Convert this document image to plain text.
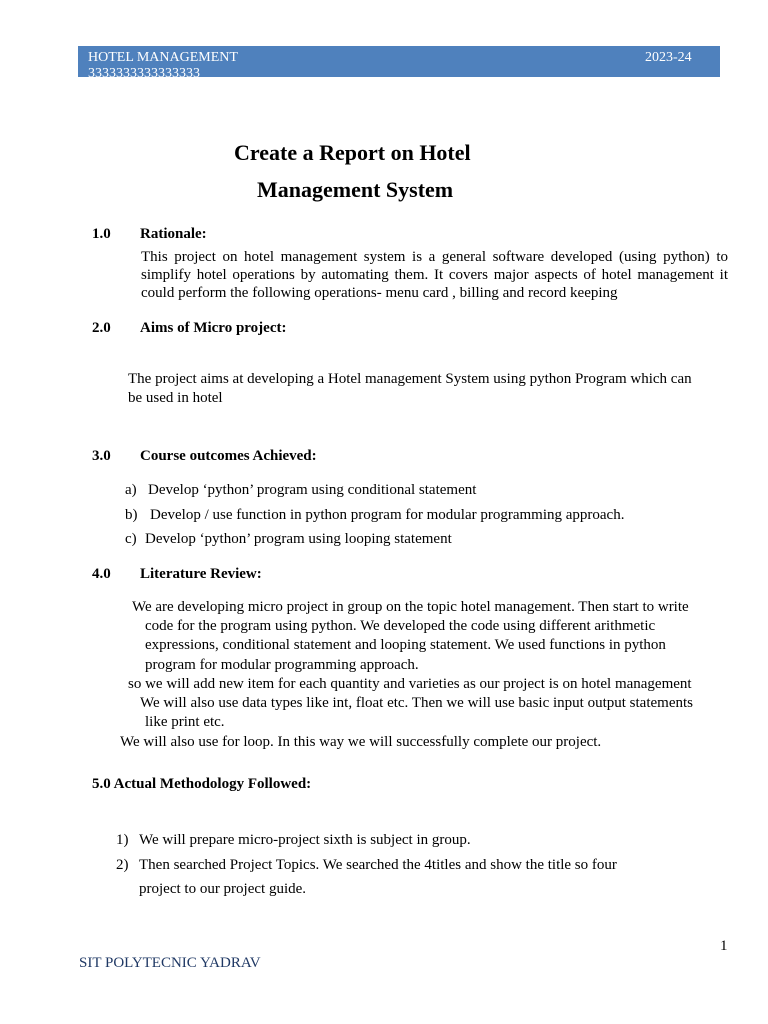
HOTEL MANAGEMENT
3333333333333333
2023-24
Create a Report on Hotel
Management System
1.0 Rationale:
This project on hotel management system is a general software developed (using python) to simplify hotel operations by automating them. It covers major aspects of hotel management it could perform the following operations- menu card , billing and record keeping
2.0 Aims of Micro project:
The project aims at developing a Hotel management System using python Program which can
be used in hotel
3.0 Course outcomes Achieved:
a) Develop ‘python’ program using conditional statement
b) Develop / use function in python program for modular programming approach.
c) Develop ‘python’ program using looping statement
4.0 Literature Review:
We are developing micro project in group on the topic hotel management. Then start to write
code for the program using python. We developed the code using different arithmetic
expressions, conditional statement and looping statement. We used functions in python
program for modular programming approach.
so we will add new item for each quantity and varieties as our project is on hotel management
We will also use data types like int, float etc. Then we will use basic input output statements
like print etc.
We will also use for loop. In this way we will successfully complete our project.
5.0 Actual Methodology Followed:
1) We will prepare micro-project sixth is subject in group.
2) Then searched Project Topics. We searched the 4titles and show the title so four
project to our project guide.
1
SIT POLYTECNIC YADRAV
